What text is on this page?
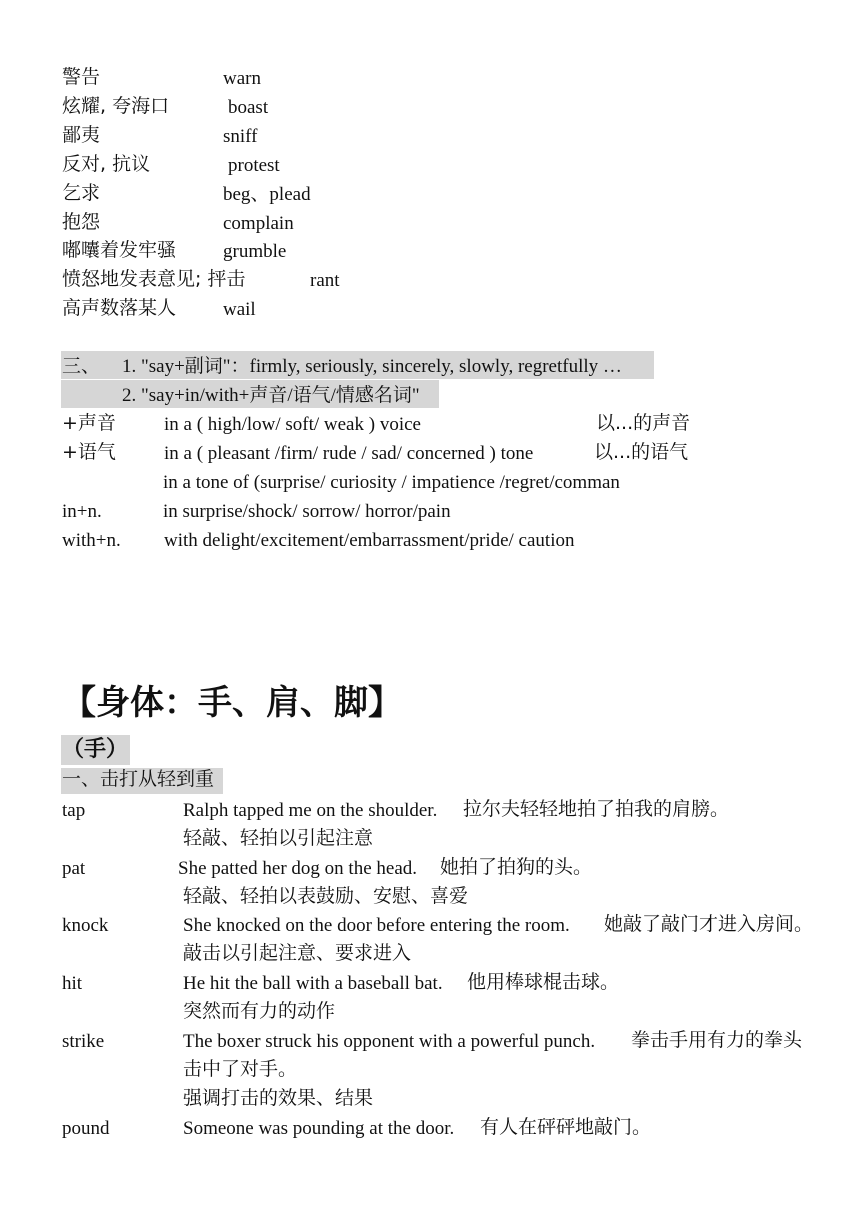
警告	warn
炫耀, 夸海口	boast
鄙夷	sniff
反对, 抗议	protest
乞求	beg、plead
抱怨	complain
嘟囔着发牢骚 grumble
愤怒地发表意见; 抨击	rant
高声数落某人 wail
三、 1. "say+副词"：firmly, seriously, sincerely, slowly, regretfully …
2. "say+in/with+声音/语气/情感名词"
+声音	in a ( high/low/ soft/ weak ) voice	以...的声音
+语气	in a ( pleasant /firm/ rude / sad/ concerned ) tone	以...的语气
in a tone of (surprise/ curiosity / impatience /regret/comman
in+n.	in surprise/shock/ sorrow/ horror/pain
with+n. with delight/excitement/embarrassment/pride/ caution
【身体：手、肩、脚】
（手）
一、击打从轻到重
tap	Ralph tapped me on the shoulder. 拉尔夫轻轻地拍了拍我的肩膀。
轻敲、轻拍以引起注意
pat	She patted her dog on the head. 她拍了拍狗的头。
轻敲、轻拍以表鼓励、安慰、喜爱
knock	She knocked on the door before entering the room. 她敲了敲门才进入房间。
敲击以引起注意、要求进入
hit	He hit the ball with a baseball bat. 他用棒球棍击球。
突然而有力的动作
strike	The boxer struck his opponent with a powerful punch. 拳击手用有力的拳头
击中了对手。
强调打击的效果、结果
pound	Someone was pounding at the door. 有人在砰砰地敲门。
